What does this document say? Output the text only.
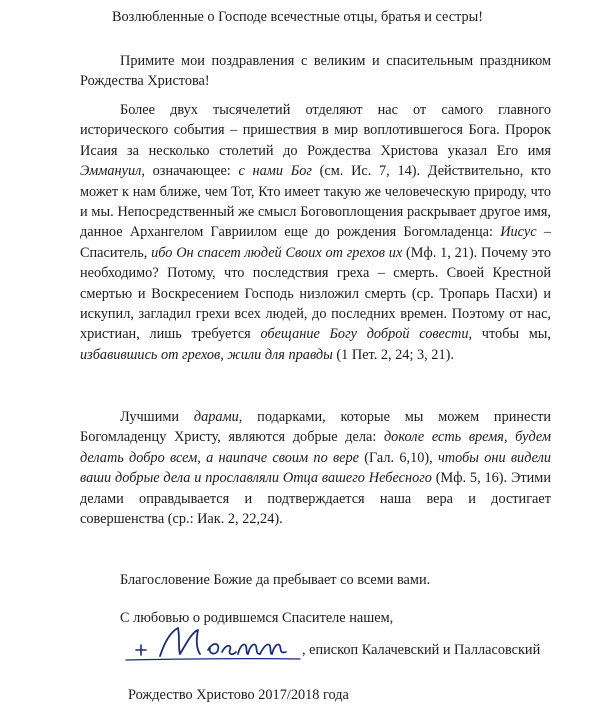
Возлюбленные о Господе всечестные отцы, братья и сестры!

Примите мои поздравления с великим и спасительным праздником Рождества Христова!

Более двух тысячелетий отделяют нас от самого главного исторического события – пришествия в мир воплотившегося Бога. Пророк Исаия за несколько столетий до Рождества Христова указал Его имя Эммануил, означающее: с нами Бог (см. Ис. 7, 14). Действительно, кто может к нам ближе, чем Тот, Кто имеет такую же человеческую природу, что и мы. Непосредственный же смысл Боговоплощения раскрывает другое имя, данное Архангелом Гавриилом еще до рождения Богомладенца: Иисус – Спаситель, ибо Он спасет людей Своих от грехов их (Мф. 1, 21). Почему это необходимо? Потому, что последствия греха – смерть. Своей Крестной смертью и Воскресением Господь низложил смерть (ср. Тропарь Пасхи) и искупил, загладил грехи всех людей, до последних времен. Поэтому от нас, христиан, лишь требуется обещание Богу доброй совести, чтобы мы, избавившись от грехов, жили для правды (1 Пет. 2, 24; 3, 21).

Лучшими дарами, подарками, которые мы можем принести Богомладенцу Христу, являются добрые дела: доколе есть время, будем делать добро всем, а наипаче своим по вере (Гал. 6,10), чтобы они видели ваши добрые дела и прославляли Отца вашего Небесного (Мф. 5, 16). Этими делами оправдывается и подтверждается наша вера и достигает совершенства (ср.: Иак. 2, 22,24).

Благословение Божие да пребывает со всеми вами.

С любовью о родившемся Спасителе нашем,

, епископ Калачевский и Палласовский

Рождество Христово 2017/2018 года
